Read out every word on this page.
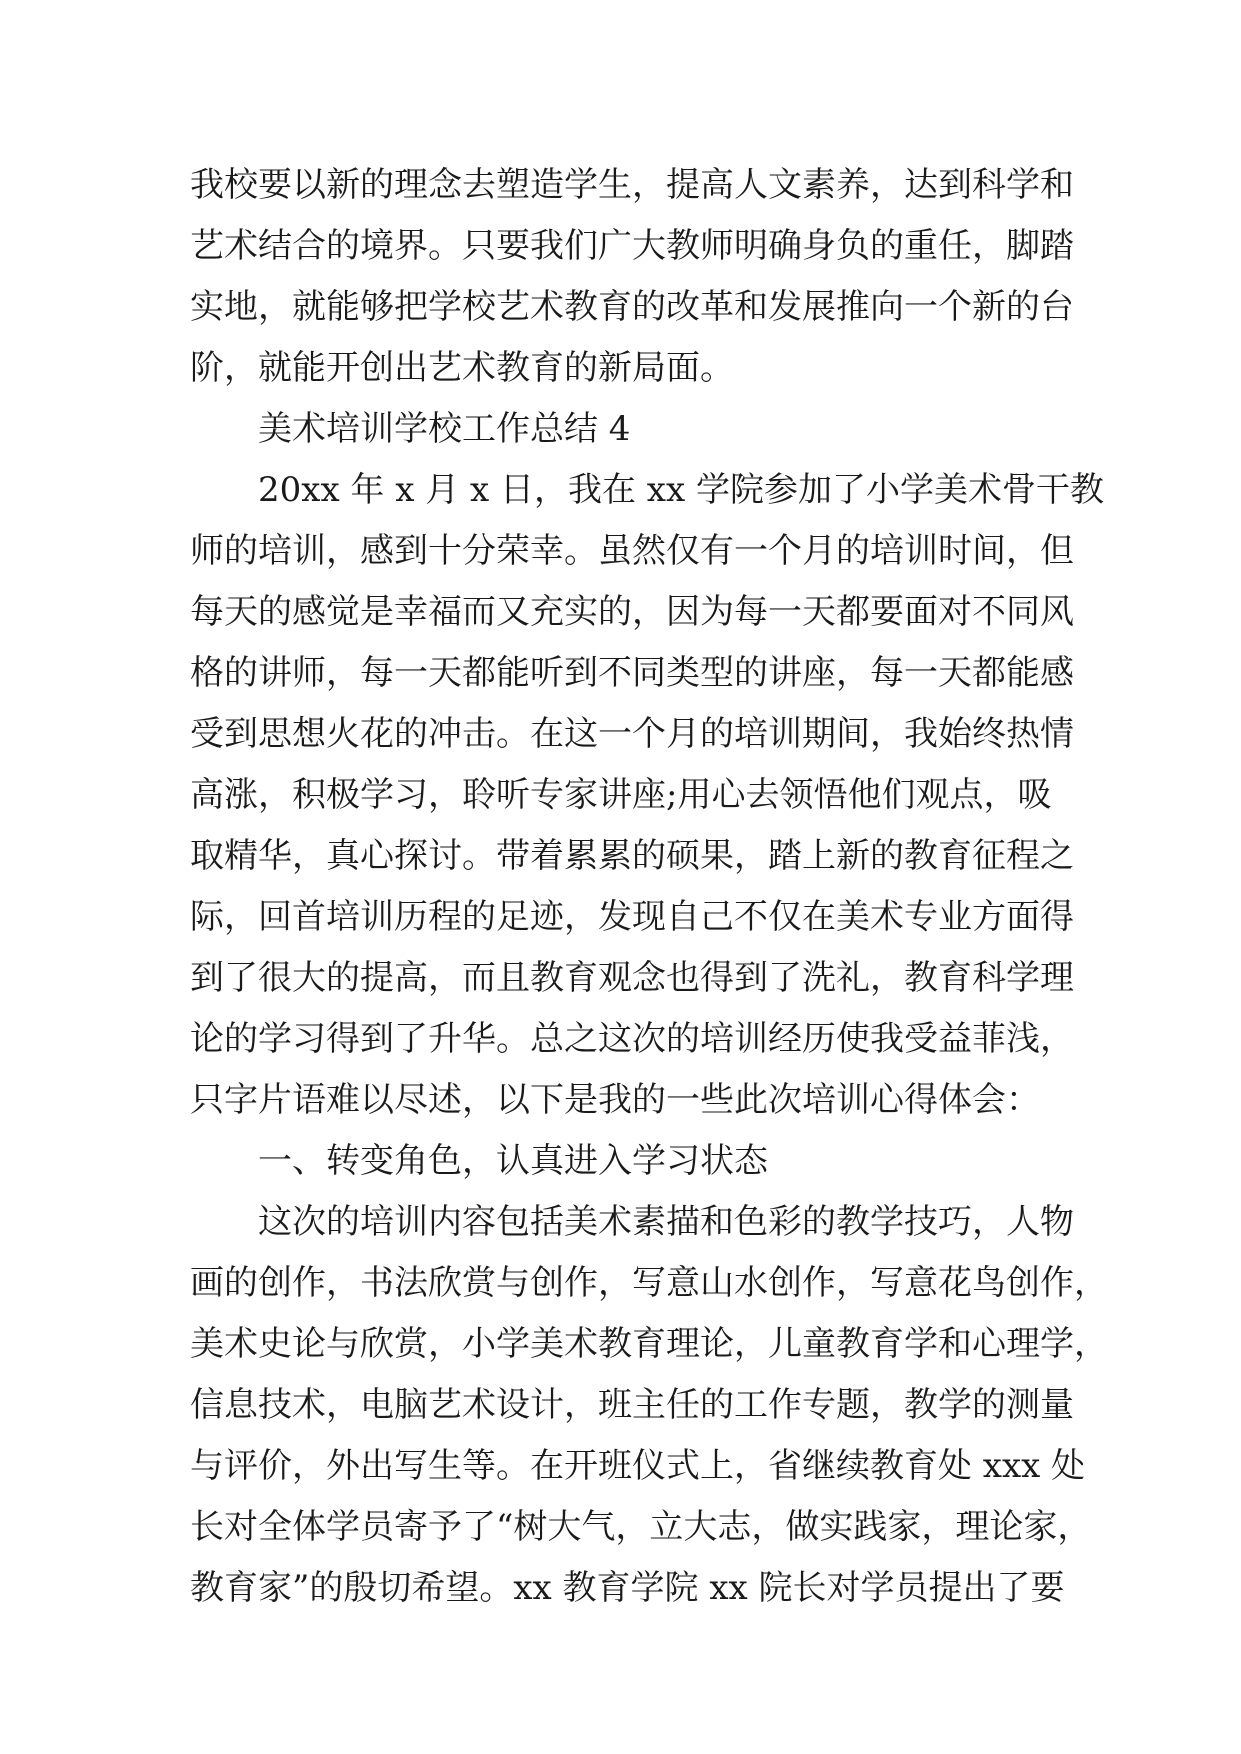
我校要以新的理念去塑造学生，提高人文素养，达到科学和
艺术结合的境界。只要我们广大教师明确身负的重任，脚踏
实地，就能够把学校艺术教育的改革和发展推向一个新的台
阶，就能开创出艺术教育的新局面。
美术培训学校工作总结 4
20xx 年 x 月 x 日，我在 xx 学院参加了小学美术骨干教
师的培训，感到十分荣幸。虽然仅有一个月的培训时间，但
每天的感觉是幸福而又充实的，因为每一天都要面对不同风
格的讲师，每一天都能听到不同类型的讲座，每一天都能感
受到思想火花的冲击。在这一个月的培训期间，我始终热情
高涨，积极学习，聆听专家讲座;用心去领悟他们观点，吸
取精华，真心探讨。带着累累的硕果，踏上新的教育征程之
际，回首培训历程的足迹，发现自己不仅在美术专业方面得
到了很大的提高，而且教育观念也得到了洗礼，教育科学理
论的学习得到了升华。总之这次的培训经历使我受益菲浅，
只字片语难以尽述，以下是我的一些此次培训心得体会：
一、转变角色，认真进入学习状态
这次的培训内容包括美术素描和色彩的教学技巧，人物
画的创作，书法欣赏与创作，写意山水创作，写意花鸟创作，
美术史论与欣赏，小学美术教育理论，儿童教育学和心理学，
信息技术，电脑艺术设计，班主任的工作专题，教学的测量
与评价，外出写生等。在开班仪式上，省继续教育处 xxx 处
长对全体学员寄予了“树大气，立大志，做实践家，理论家，
教育家”的殷切希望。xx 教育学院 xx 院长对学员提出了要
